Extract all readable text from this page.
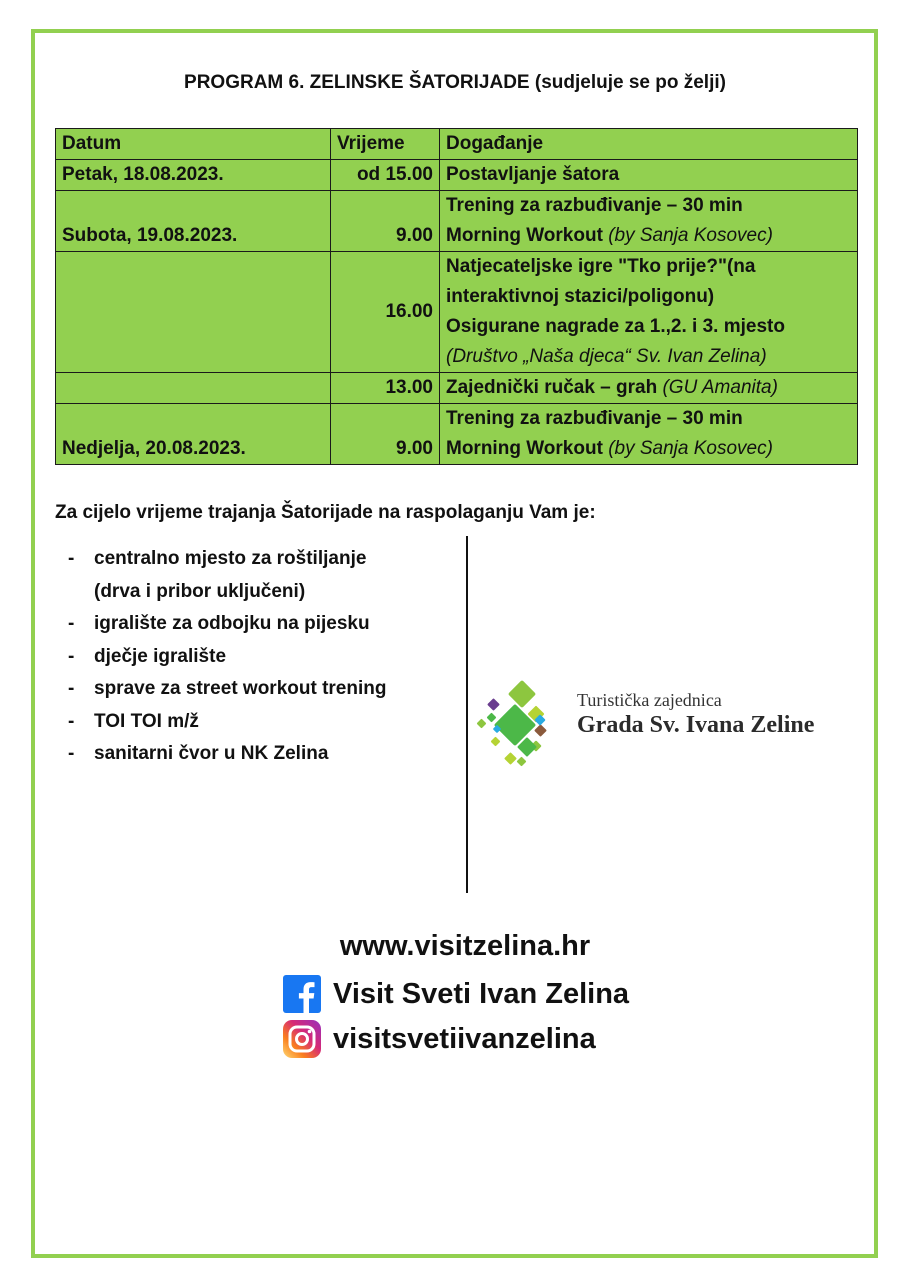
PROGRAM 6. ZELINSKE ŠATORIJADE (sudjeluje se po želji)
Datum	Vrijeme	Događanje
Petak, 18.08.2023.	od 15.00	Postavljanje šatora

Subota, 19.08.2023.	9.00	Trening za razbuđivanje – 30 min
Morning Workout (by Sanja Kosovec)

	16.00	Natjecateljske igre "Tko prije?"(na
interaktivnoj stazici/poligonu)
Osigurane nagrade za 1.,2. i 3. mjesto
(Društvo „Naša djeca“ Sv. Ivan Zelina)

	13.00	Zajednički ručak – grah (GU Amanita)

Nedjelja, 20.08.2023.	9.00	Trening za razbuđivanje – 30 min
Morning Workout (by Sanja Kosovec)
Za cijelo vrijeme trajanja Šatorijade na raspolaganju Vam je:
- centralno mjesto za roštiljanje
(drva i pribor uključeni)
- igralište za odbojku na pijesku
- dječje igralište
- sprave za street workout trening
- TOI TOI m/ž
- sanitarni čvor u NK Zelina
Turistička zajednica
Grada Sv. Ivana Zeline
www.visitzelina.hr
Visit Sveti Ivan Zelina
visitsvetiivanzelina
